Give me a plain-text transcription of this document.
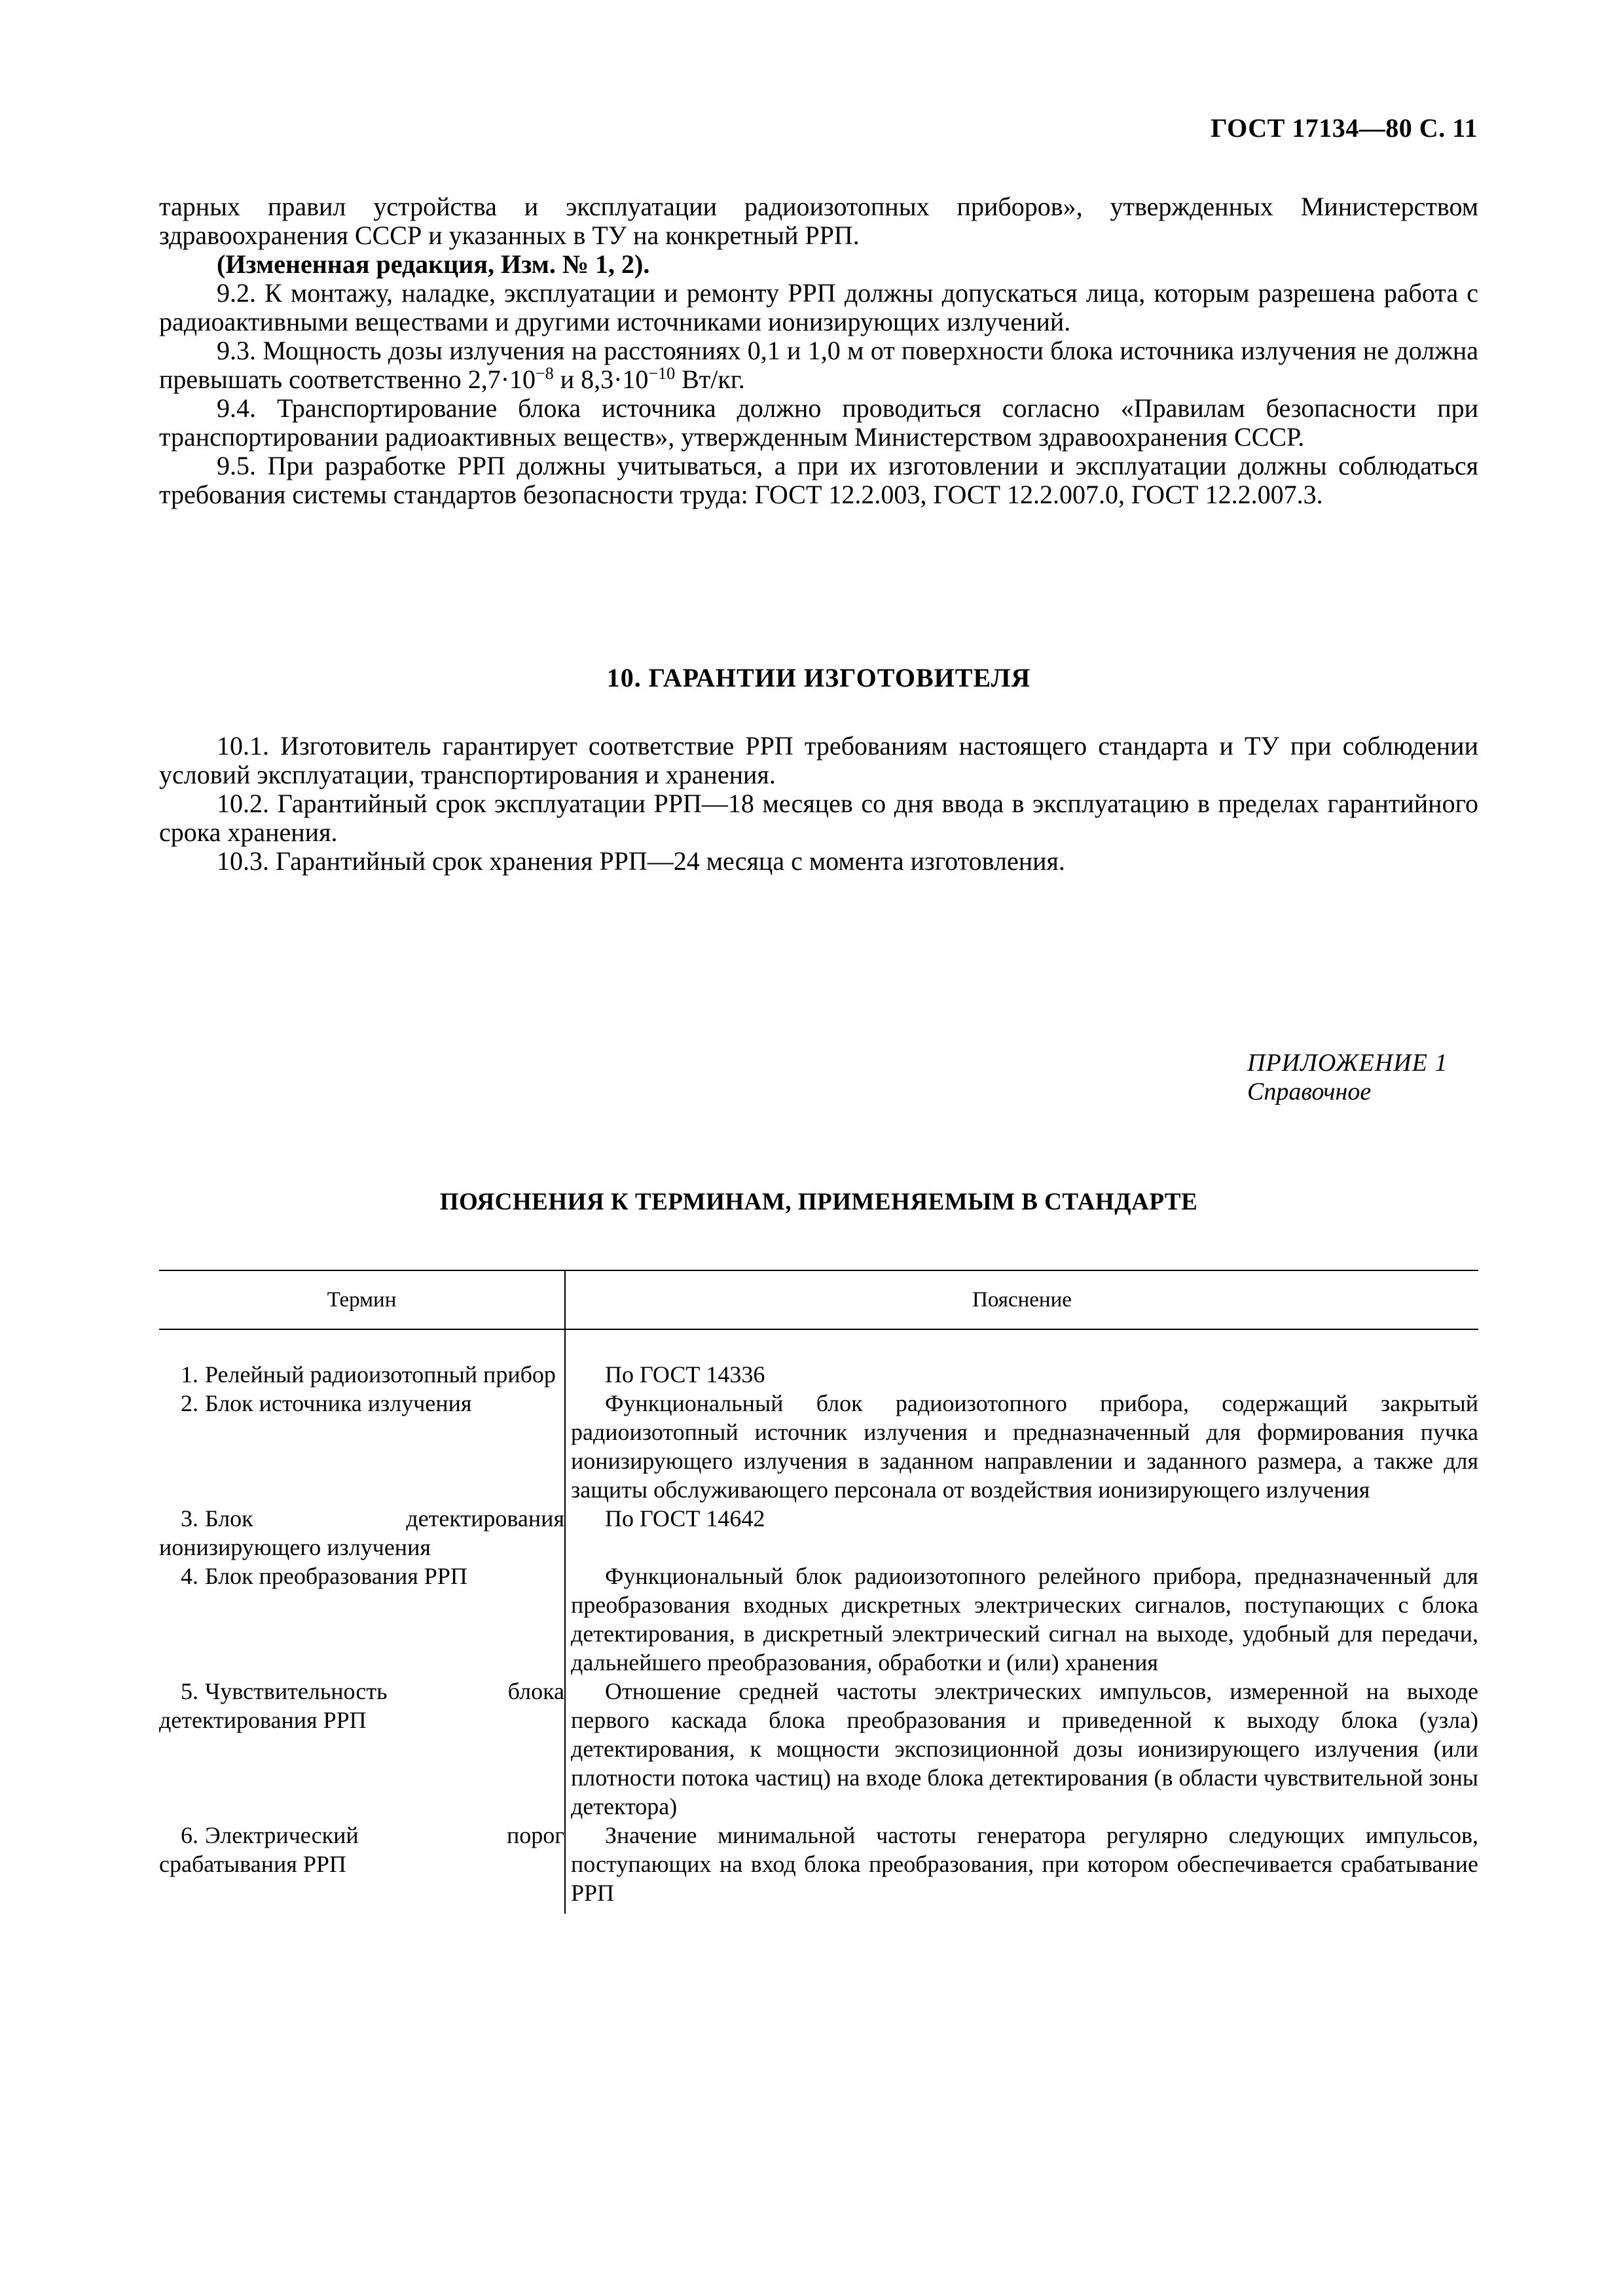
ГОСТ 17134—80 С. 11

тарных правил устройства и эксплуатации радиоизотопных приборов», утвержденных Министерством здравоохранения СССР и указанных в ТУ на конкретный РРП.

(Измененная редакция, Изм. № 1, 2).

9.2. К монтажу, наладке, эксплуатации и ремонту РРП должны допускаться лица, которым разрешена работа с радиоактивными веществами и другими источниками ионизирующих излучений.

9.3. Мощность дозы излучения на расстояниях 0,1 и 1,0 м от поверхности блока источника излучения не должна превышать соответственно $2,7\cdot 10^{-8}$ и $8,3\cdot 10^{-10}$ Вт/кг.

9.4. Транспортирование блока источника должно проводиться согласно «Правилам безопасности при транспортировании радиоактивных веществ», утвержденным Министерством здравоохранения СССР.

9.5. При разработке РРП должны учитываться, а при их изготовлении и эксплуатации должны соблюдаться требования системы стандартов безопасности труда: ГОСТ 12.2.003, ГОСТ 12.2.007.0, ГОСТ 12.2.007.3.

10. ГАРАНТИИ ИЗГОТОВИТЕЛЯ

10.1. Изготовитель гарантирует соответствие РРП требованиям настоящего стандарта и ТУ при соблюдении условий эксплуатации, транспортирования и хранения.

10.2. Гарантийный срок эксплуатации РРП—18 месяцев со дня ввода в эксплуатацию в пределах гарантийного срока хранения.

10.3. Гарантийный срок хранения РРП—24 месяца с момента изготовления.

ПРИЛОЖЕНИЕ 1
Справочное
ПОЯСНЕНИЯ К ТЕРМИНАМ, ПРИМЕНЯЕМЫМ В СТАНДАРТЕ
Термин	Пояснение
1. Релейный радиоизотопный прибор	По ГОСТ 14336
2. Блок источника излучения	Функциональный блок радиоизотопного прибора, содержащий закрытый радиоизотопный источник излучения и предназначенный для формирования пучка ионизирующего излучения в заданном направлении и заданного размера, а также для защиты обслуживающего персонала от воздействия ионизирующего излучения
3. Блок детектирования ионизирующего излучения	По ГОСТ 14642
4. Блок преобразования РРП	Функциональный блок радиоизотопного релейного прибора, предназначенный для преобразования входных дискретных электрических сигналов, поступающих с блока детектирования, в дискретный электрический сигнал на выходе, удобный для передачи, дальнейшего преобразования, обработки и (или) хранения
5. Чувствительность блока детектирования РРП	Отношение средней частоты электрических импульсов, измеренной на выходе первого каскада блока преобразования и приведенной к выходу блока (узла) детектирования, к мощности экспозиционной дозы ионизирующего излучения (или плотности потока частиц) на входе блока детектирования (в области чувствительной зоны детектора)
6. Электрический порог срабатывания РРП	Значение минимальной частоты генератора регулярно следующих импульсов, поступающих на вход блока преобразования, при котором обеспечивается срабатывание РРП
